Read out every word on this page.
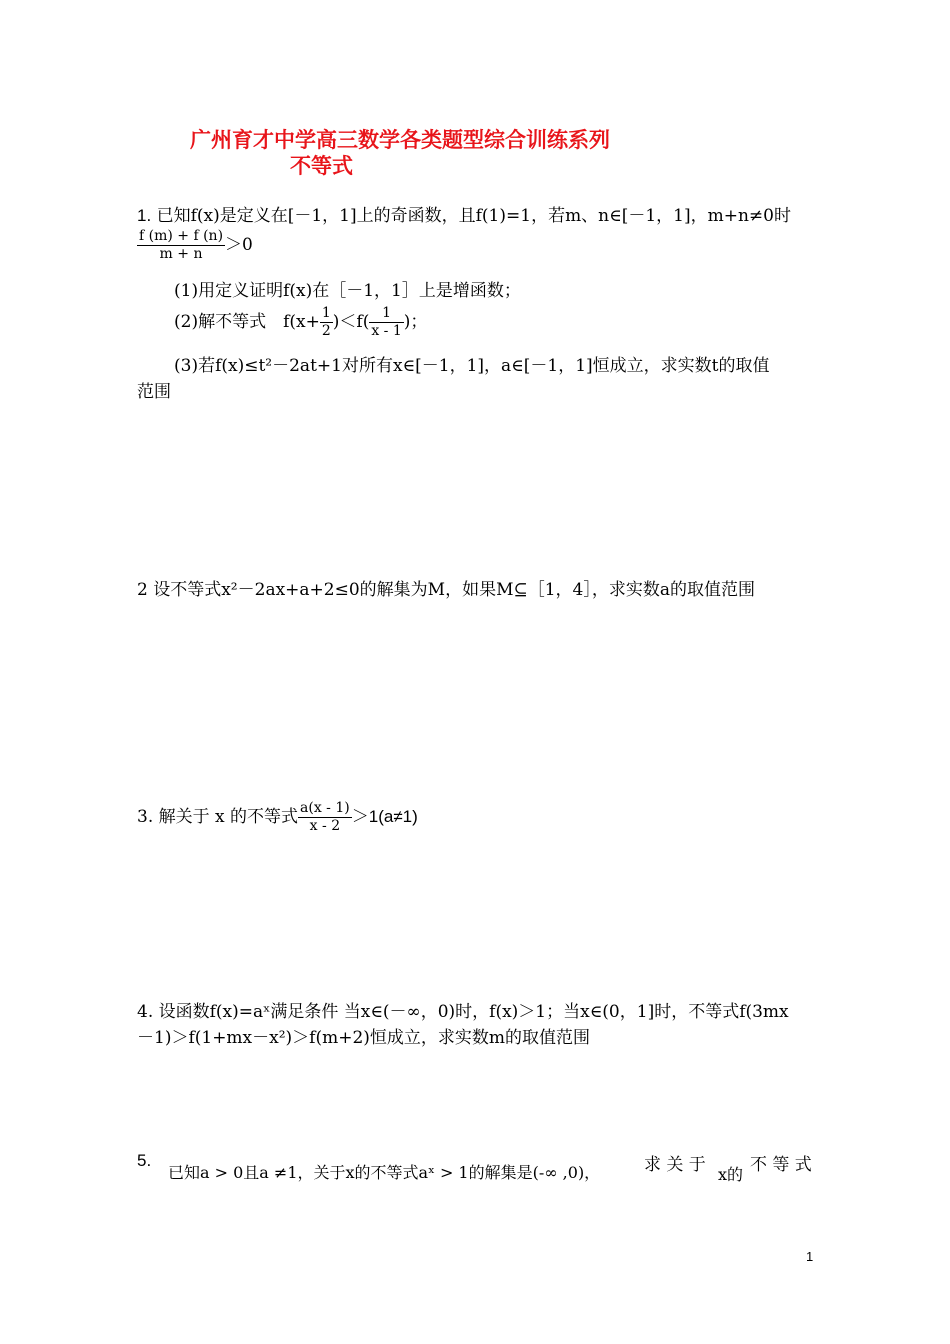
广州育才中学高三数学各类题型综合训练系列
不等式
1. 已知f(x)是定义在[－1，1]上的奇函数，且f(1)=1，若m、n∈[－1，1]，m+n≠0时
$\frac{f (m) + f (n)}{m + n} >0$
(1)用定义证明f(x)在［－1，1］上是增函数；
(2)解不等式　$f(x+ \frac{1}{2} )<f( \frac{1}{x - 1}$ )；
(3)若f(x)≤t²－2at+1对所有x∈[－1，1]，a∈[－1，1]恒成立，求实数t的取值
范围
2 设不等式x²－2ax+a+2≤0的解集为M，如果M⊆［1，4］，求实数a的取值范围
3. 解关于 x 的不等式 $\frac{a(x - 1)}{x - 2} >1(a\ne 1)$
4. 设函数f(x)=aˣ满足条件 当x∈(－∞，0)时，f(x)＞1；当x∈(0，1]时，不等式f(3mx
－1)＞f(1+mx－x²)＞f(m+2)恒成立，求实数m的取值范围
5.
已知a > 0且a ≠1，关于x的不等式aˣ > 1的解集是(-∞ ,0)，	求 关 于 x的 不 等 式
1
